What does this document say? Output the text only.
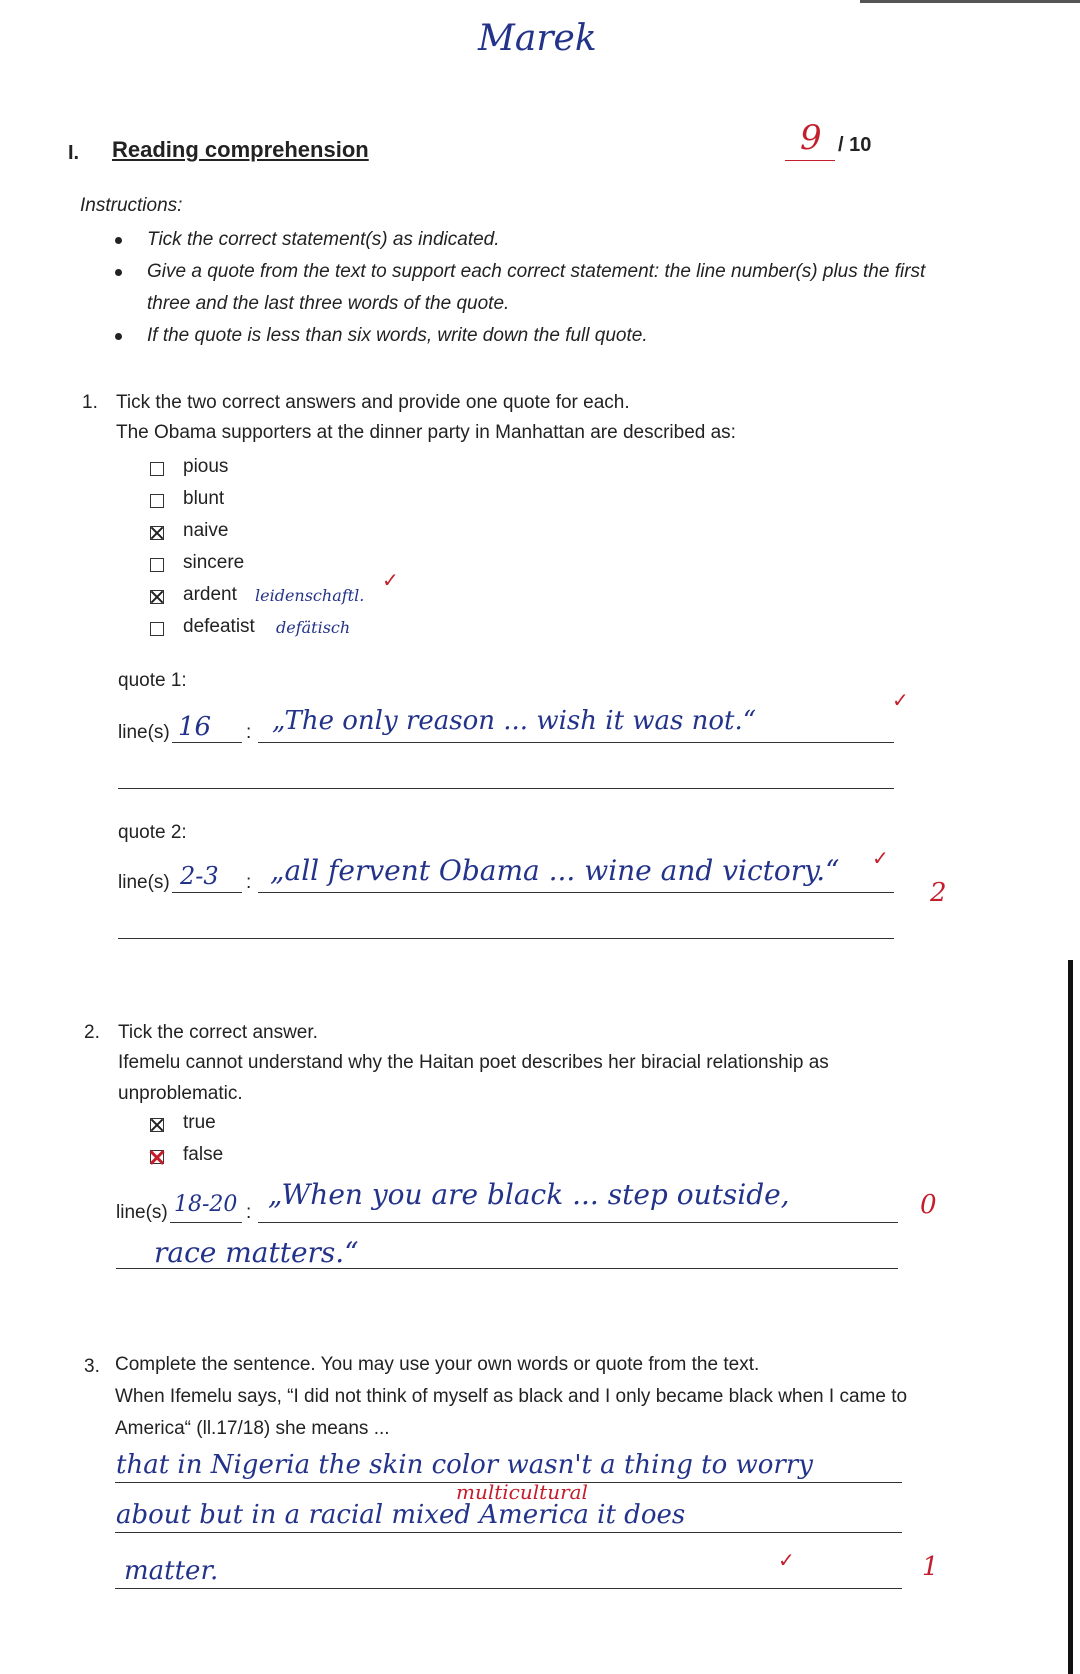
Marek
I. Reading comprehension	9 / 10
Instructions:
Tick the correct statement(s) as indicated.
Give a quote from the text to support each correct statement: the line number(s) plus the first
three and the last three words of the quote.
If the quote is less than six words, write down the full quote.
1. Tick the two correct answers and provide one quote for each.
The Obama supporters at the dinner party in Manhattan are described as:
pious
blunt
naive
sincere
ardent leidenschaftl.
✓
defeatist defätisch
quote 1:
line(s) 16 : „The only reason ... wish it was not.“
✓
quote 2:
line(s) 2-3 : „all fervent Obama ... wine and victory.“ ✓
2
2. Tick the correct answer.
Ifemelu cannot understand why the Haitan poet describes her biracial relationship as
unproblematic.
true
false
line(s) 18-20 :
„When you are black ... step outside,	0
race matters.“
3. Complete the sentence. You may use your own words or quote from the text.
When Ifemelu says, “I did not think of myself as black and I only became black when I came to
America“ (ll.17/18) she means ...
that in Nigeria the skin color wasn't a thing to worry
multicultural
about but in a racial mixed America it does
✓
matter.	1
